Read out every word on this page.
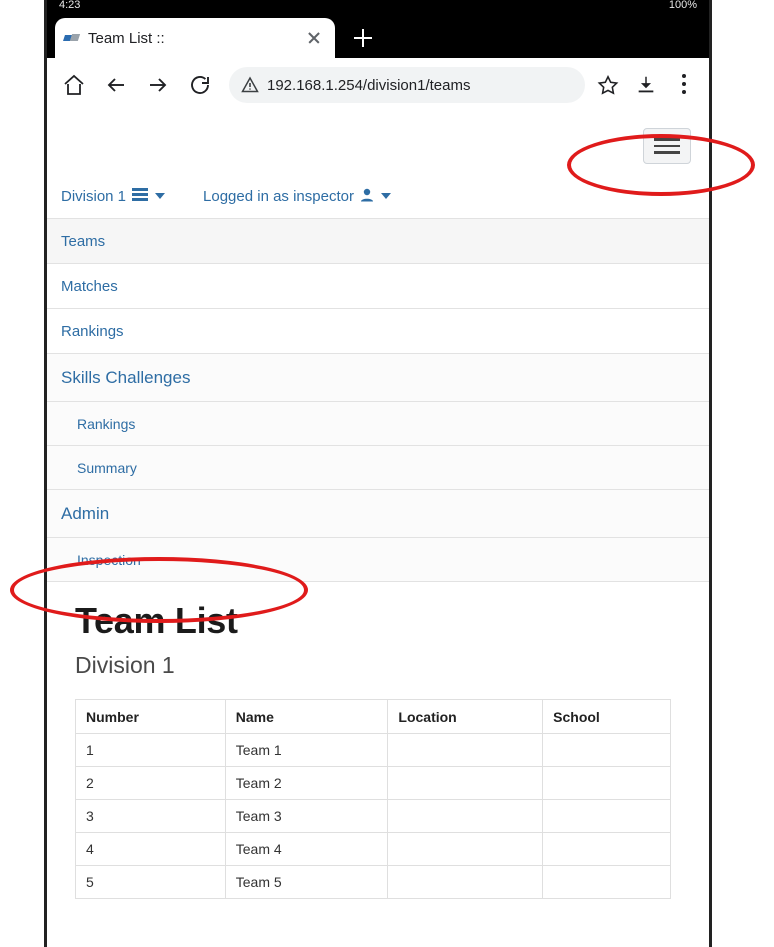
4:23	100%
Team List ::
192.168.1.254/division1/teams
Division 1	Logged in as inspector
Teams
Matches
Rankings
Skills Challenges
Rankings
Summary
Admin
Inspection
Team List
Division 1
Number	Name	Location	School
1	Team 1		
2	Team 2		
3	Team 3		
4	Team 4		
5	Team 5		
